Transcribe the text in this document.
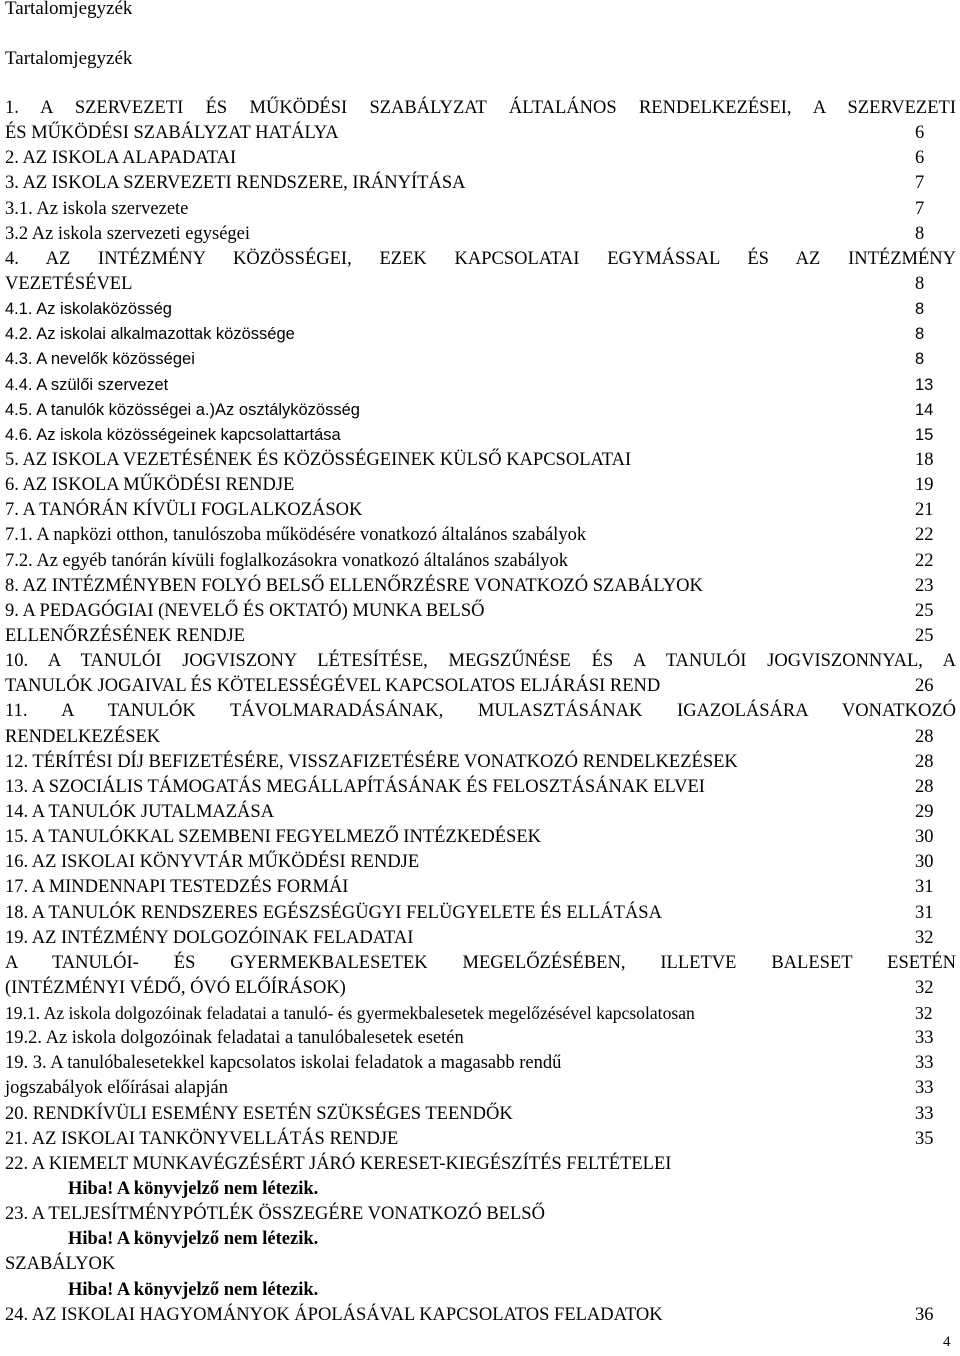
Tartalomjegyzék
Tartalomjegyzék
1. A SZERVEZETI ÉS MŰKÖDÉSI SZABÁLYZAT ÁLTALÁNOS RENDELKEZÉSEI, A SZERVEZETI
ÉS MŰKÖDÉSI SZABÁLYZAT HATÁLYA	6
2. AZ ISKOLA ALAPADATAI	6
3. AZ ISKOLA SZERVEZETI RENDSZERE, IRÁNYÍTÁSA	7
3.1. Az iskola szervezete	7
3.2 Az iskola szervezeti egységei	8
4. AZ INTÉZMÉNY KÖZÖSSÉGEI, EZEK KAPCSOLATAI EGYMÁSSAL ÉS AZ INTÉZMÉNY
VEZETÉSÉVEL	8
4.1. Az iskolaközösség	8
4.2. Az iskolai alkalmazottak közössége	8
4.3. A nevelők közösségei	8
4.4. A szülői szervezet	13
4.5. A tanulók közösségei a.)Az osztályközösség	14
4.6. Az iskola közösségeinek kapcsolattartása	15
5. AZ ISKOLA VEZETÉSÉNEK ÉS KÖZÖSSÉGEINEK KÜLSŐ KAPCSOLATAI	18
6. AZ ISKOLA MŰKÖDÉSI RENDJE	19
7. A TANÓRÁN KÍVÜLI FOGLALKOZÁSOK	21
7.1. A napközi otthon, tanulószoba működésére vonatkozó általános szabályok	22
7.2. Az egyéb tanórán kívüli foglalkozásokra vonatkozó általános szabályok	22
8. AZ INTÉZMÉNYBEN FOLYÓ BELSŐ ELLENŐRZÉSRE VONATKOZÓ SZABÁLYOK	23
9. A PEDAGÓGIAI (NEVELŐ ÉS OKTATÓ) MUNKA BELSŐ	25
ELLENŐRZÉSÉNEK RENDJE	25
10. A TANULÓI JOGVISZONY LÉTESÍTÉSE, MEGSZŰNÉSE ÉS A TANULÓI JOGVISZONNYAL, A
TANULÓK JOGAIVAL ÉS KÖTELESSÉGÉVEL KAPCSOLATOS ELJÁRÁSI REND	26
11. A TANULÓK TÁVOLMARADÁSÁNAK, MULASZTÁSÁNAK IGAZOLÁSÁRA VONATKOZÓ
RENDELKEZÉSEK	28
12. TÉRÍTÉSI DÍJ BEFIZETÉSÉRE, VISSZAFIZETÉSÉRE VONATKOZÓ RENDELKEZÉSEK	28
13. A SZOCIÁLIS TÁMOGATÁS MEGÁLLAPÍTÁSÁNAK ÉS FELOSZTÁSÁNAK ELVEI	28
14. A TANULÓK JUTALMAZÁSA	29
15. A TANULÓKKAL SZEMBENI FEGYELMEZŐ INTÉZKEDÉSEK	30
16. AZ ISKOLAI KÖNYVTÁR MŰKÖDÉSI RENDJE	30
17. A MINDENNAPI TESTEDZÉS FORMÁI	31
18. A TANULÓK RENDSZERES EGÉSZSÉGÜGYI FELÜGYELETE ÉS ELLÁTÁSA	31
19. AZ INTÉZMÉNY DOLGOZÓINAK FELADATAI	32
A TANULÓI- ÉS GYERMEKBALESETEK MEGELŐZÉSÉBEN, ILLETVE BALESET ESETÉN
(INTÉZMÉNYI VÉDŐ, ÓVÓ ELŐÍRÁSOK)	32
19.1. Az iskola dolgozóinak feladatai a tanuló- és gyermekbalesetek megelőzésével kapcsolatosan	32
19.2. Az iskola dolgozóinak feladatai a tanulóbalesetek esetén	33
19. 3. A tanulóbalesetekkel kapcsolatos iskolai feladatok a magasabb rendű	33
jogszabályok előírásai alapján	33
20. RENDKÍVÜLI ESEMÉNY ESETÉN SZÜKSÉGES TEENDŐK	33
21. AZ ISKOLAI TANKÖNYVELLÁTÁS RENDJE	35
22. A KIEMELT MUNKAVÉGZÉSÉRT JÁRÓ KERESET-KIEGÉSZÍTÉS FELTÉTELEI
Hiba! A könyvjelző nem létezik.
23. A TELJESÍTMÉNYPÓTLÉK ÖSSZEGÉRE VONATKOZÓ BELSŐ
Hiba! A könyvjelző nem létezik.
SZABÁLYOK
Hiba! A könyvjelző nem létezik.
24. AZ ISKOLAI HAGYOMÁNYOK ÁPOLÁSÁVAL KAPCSOLATOS FELADATOK	36
4
